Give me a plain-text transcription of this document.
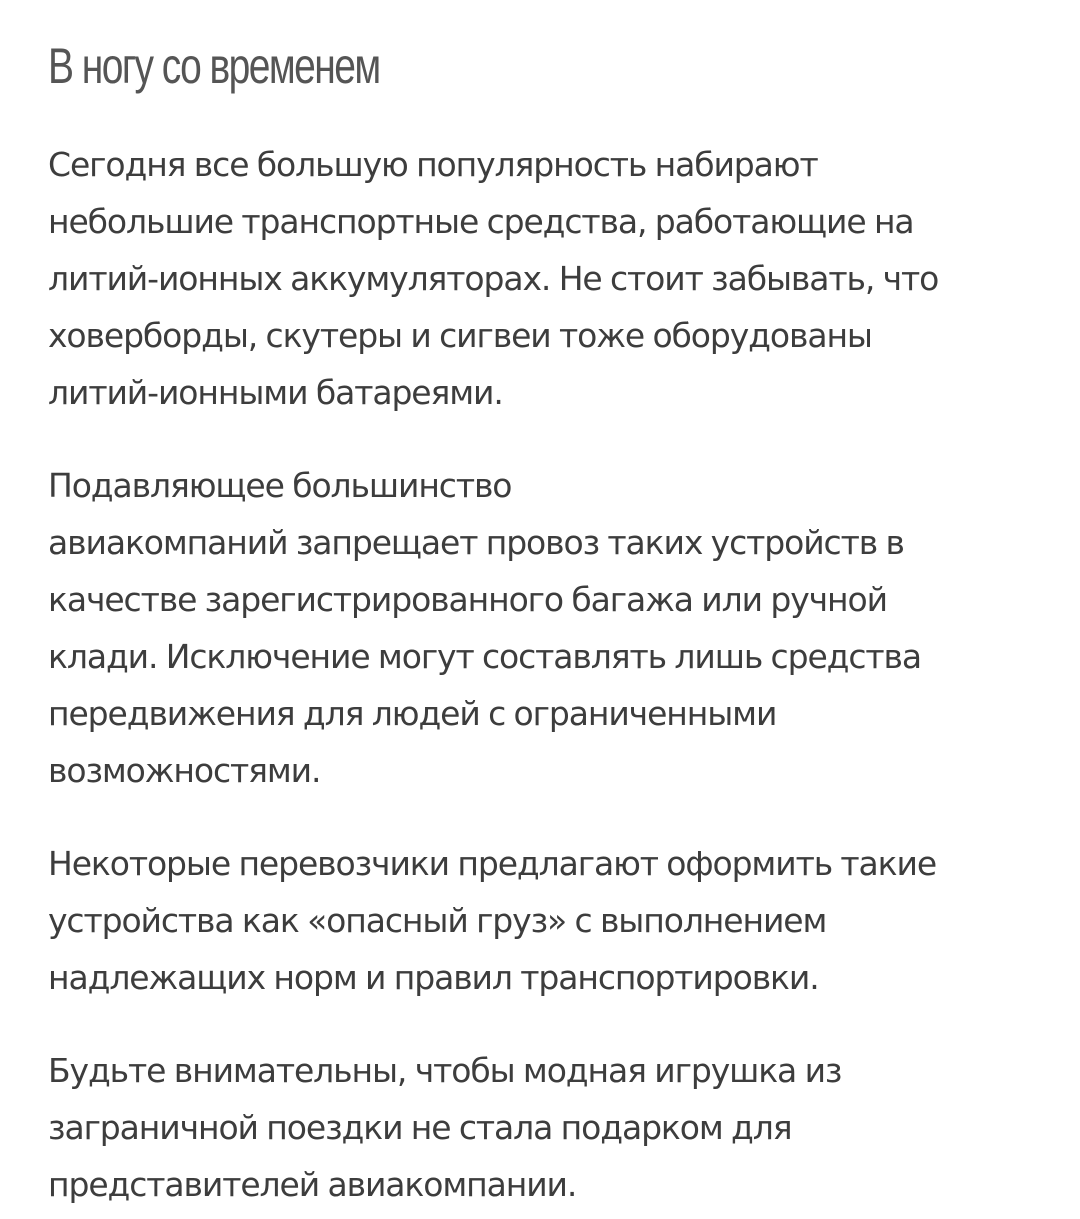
В ногу со временем

Сегодня все большую популярность набирают
небольшие транспортные средства, работающие на
литий-ионных аккумуляторах. Не стоит забывать, что
ховерборды, скутеры и сигвеи тоже оборудованы
литий-ионными батареями.

Подавляющее большинство
авиакомпаний запрещает провоз таких устройств в
качестве зарегистрированного багажа или ручной
клади. Исключение могут составлять лишь средства
передвижения для людей с ограниченными
возможностями.

Некоторые перевозчики предлагают оформить такие
устройства как «опасный груз» с выполнением
надлежащих норм и правил транспортировки.

Будьте внимательны, чтобы модная игрушка из
заграничной поездки не стала подарком для
представителей авиакомпании.
